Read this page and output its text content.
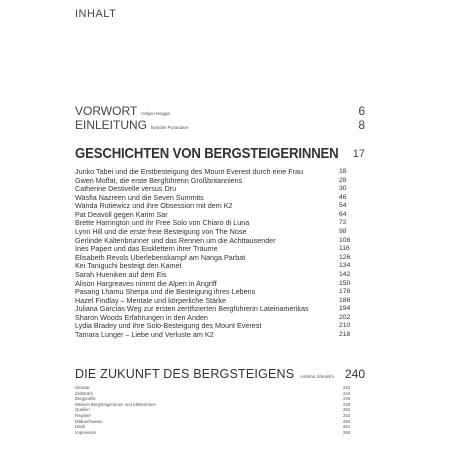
INHALT
VORWORT Helga Hengge	6
EINLEITUNG Nandini Purandare	8
GESCHICHTEN VON BERGSTEIGERINNEN 17
Junko Tabei und die Erstbesteigung des Mount Everest durch eine Frau	18
Gwen Moffat, die erste Bergführerin Großbritanniens	28
Catherine Destivelle versus Dru	30
Wasfia Nazreen und die Seven Summits	46
Wanda Rutiewicz und ihre Obsession mit dem K2	54
Pat Deavoll gegen Karim Sar	64
Brette Harrington und ihr Free Solo von Chiaro di Luna	72
Lynn Hill und die erste freie Besteigung von The Nose	98
Gerlinde Kaltenbrunner und das Rennen um die Achttausender	108
Ines Papert und das Eisklettern ihrer Träume	116
Elisabeth Revols Überlebenskampf am Nanga Parbat	126
Kei Taniguchi besteigt den Kamet	134
Sarah Hueniken auf dem Eis	142
Alison Hargreaves nimmt die Alpen in Angriff	150
Pasang Lhamu Sherpa und die Besteigung ihres Lebens	178
Hazel Findlay – Mentale und körperliche Stärke	186
Juliana Garcías Weg zur ersten zertifizierten Bergführerin Lateinamerikas	194
Sharon Woods Erfahrungen in den Anden	202
Lydia Bradey und ihre Solo-Besteigung des Mount Everest	210
Tamara Lunger – Liebe und Verluste am K2	218
DIE ZUKUNFT DES BERGSTEIGENS Ashima Shiraishi 240
Glossar	243
Zeitstrahl	244
Bergprofile	246
Weitere Bergsteigerinnen und Kletterinnen	248
Quellen	250
Register	252
Bildnachweise	253
Dank	254
Impressum	255
